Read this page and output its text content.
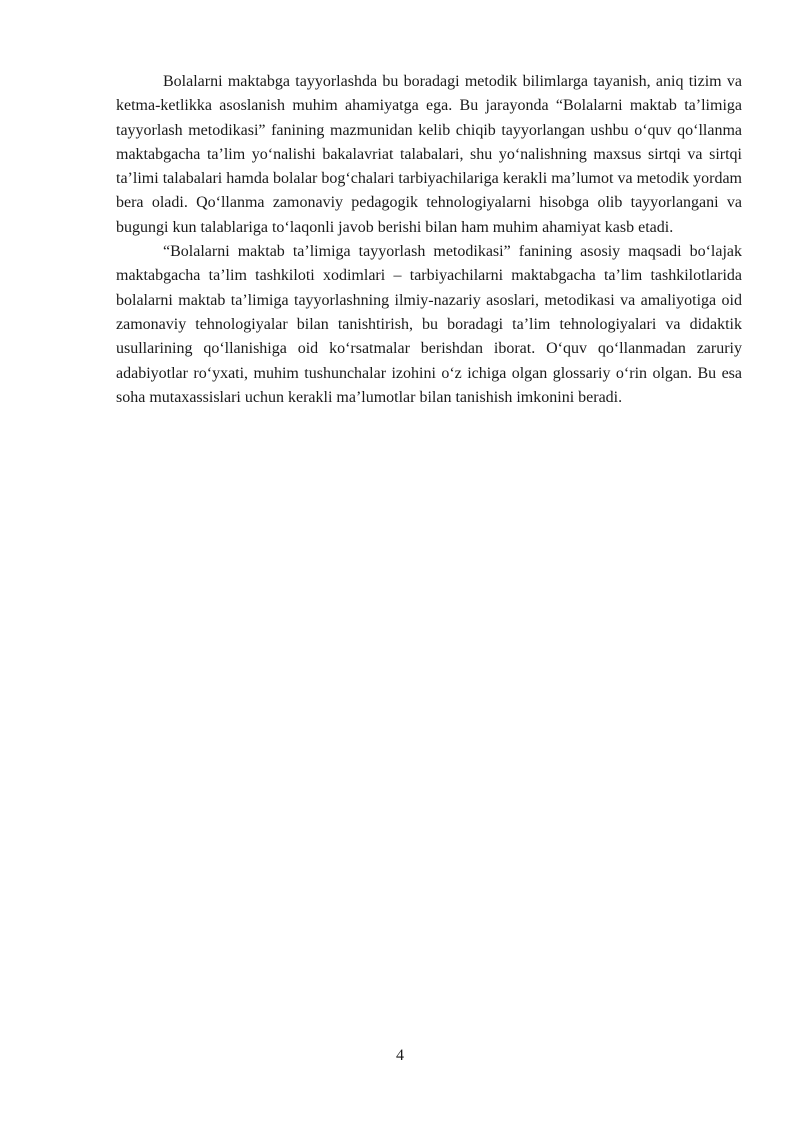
Bolalarni maktabga tayyorlashda bu boradagi metodik bilimlarga tayanish, aniq tizim va ketma-ketlikka asoslanish muhim ahamiyatga ega. Bu jarayonda “Bolalarni maktab ta’limiga tayyorlash metodikasi” fanining mazmunidan kelib chiqib tayyorlangan ushbu o‘quv qo‘llanma maktabgacha ta’lim yo‘nalishi bakalavriat talabalari, shu yo‘nalishning maxsus sirtqi va sirtqi ta’limi talabalari hamda bolalar bog‘chalari tarbiyachilariga kerakli ma’lumot va metodik yordam bera oladi. Qo‘llanma zamonaviy pedagogik tehnologiyalarni hisobga olib tayyorlangani va bugungi kun talablariga to‘laqonli javob berishi bilan ham muhim ahamiyat kasb etadi.

“Bolalarni maktab ta’limiga tayyorlash metodikasi” fanining asosiy maqsadi bo‘lajak maktabgacha ta’lim tashkiloti xodimlari – tarbiyachilarni maktabgacha ta’lim tashkilotlarida bolalarni maktab ta’limiga tayyorlashning ilmiy-nazariy asoslari, metodikasi va amaliyotiga oid zamonaviy tehnologiyalar bilan tanishtirish, bu boradagi ta’lim tehnologiyalari va didaktik usullarining qo‘llanishiga oid ko‘rsatmalar berishdan iborat. O‘quv qo‘llanmadan zaruriy adabiyotlar ro‘yxati, muhim tushunchalar izohini o‘z ichiga olgan glossariy o‘rin olgan. Bu esa soha mutaxassislari uchun kerakli ma’lumotlar bilan tanishish imkonini beradi.

4
